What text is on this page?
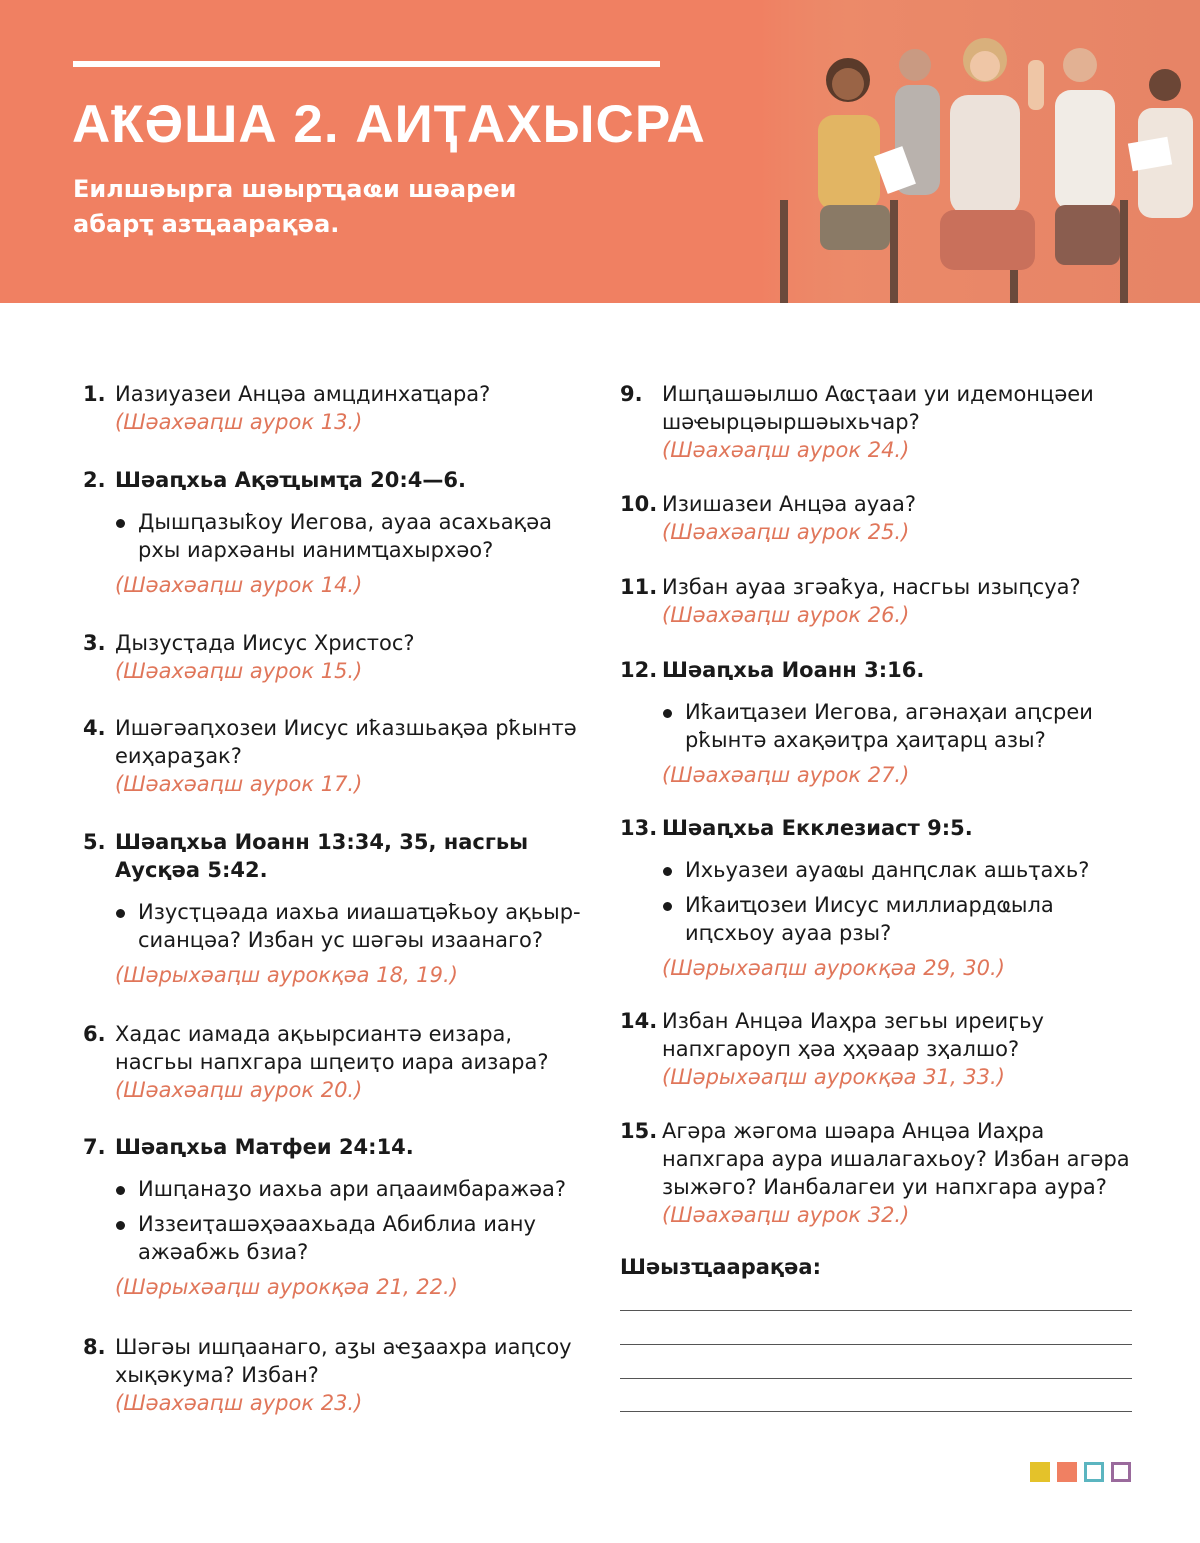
АҞƏША 2. АИҬАХЫСРА
Еилшəырга шəырҵаҩи шəареи
абарҭ азҵаарақəа.
1. Иазиуазеи Анцəа амцдинхаҵара?
(Шəахəаԥш аурок 13.)
2. Шəаԥхьа Ақəҵымҭа 20:4—6.
Дышԥазыҟоу Иегова, ауаа асахьақəа рхы иархəаны ианимҵахырхəо?
(Шəахəаԥш аурок 14.)
3. Дызусҭада Иисус Христос?
(Шəахəаԥш аурок 15.)
4. Ишəгəаԥхозеи Иисус иҟазшьақəа рҟынтə еиҳараӡак?
(Шəахəаԥш аурок 17.)
5. Шəаԥхьа Иоанн 13:34, 35, насгьы Аусқəа 5:42.
Изусҭцəада иахьа ииашаҵəҟьоу ақьыр-сианцəа? Избан ус шəгəы изаанаго?
(Шəрыхəаԥш аурокқəа 18, 19.)
6. Хадас иамада ақьырсиантə еизара, насгьы напхгара шԥеиҭо иара аизара?
(Шəахəаԥш аурок 20.)
7. Шəаԥхьа Матфеи 24:14.
Ишԥанаӡо иахьа ари аԥааимбаражəа?
Иззеиҭашəҳəаахьада Абиблиа иану ажəабжь бзиа?
(Шəрыхəаԥш аурокқəа 21, 22.)
8. Шəгəы ишԥаанаго, аӡы аҽӡаахра иаԥсоу хықəкума? Избан?
(Шəахəаԥш аурок 23.)
9. Ишԥашəылшо Аҩсҭааи уи идемонцəеи шəҽырцəыршəыхьчар?
(Шəахəаԥш аурок 24.)
10. Изишазеи Анцəа ауаа?
(Шəахəаԥш аурок 25.)
11. Избан ауаа згəаҟуа, насгьы изыԥсуа?
(Шəахəаԥш аурок 26.)
12. Шəаԥхьа Иоанн 3:16.
Иҟаиҵазеи Иегова, агəнаҳаи аԥсреи рҟынтə ахақəиҭра ҳаиҭарц азы?
(Шəахəаԥш аурок 27.)
13. Шəаԥхьа Екклезиаст 9:5.
Ихьуазеи ауаҩы данԥслак ашьҭахь?
Иҟаиҵозеи Иисус миллиардҩыла иԥсхьоу ауаа рзы?
(Шəрыхəаԥш аурокқəа 29, 30.)
14. Избан Анцəа Иаҳра зегьы иреиӷьу напхгароуп ҳəа ҳҳəаар зҳалшо?
(Шəрыхəаԥш аурокқəа 31, 33.)
15. Агəра жəгома шəара Анцəа Иаҳра напхгара аура ишалагахьоу? Избан агəра зыжəго? Ианбалагеи уи напхгара аура?
(Шəахəаԥш аурок 32.)
Шəызҵаарақəа:
